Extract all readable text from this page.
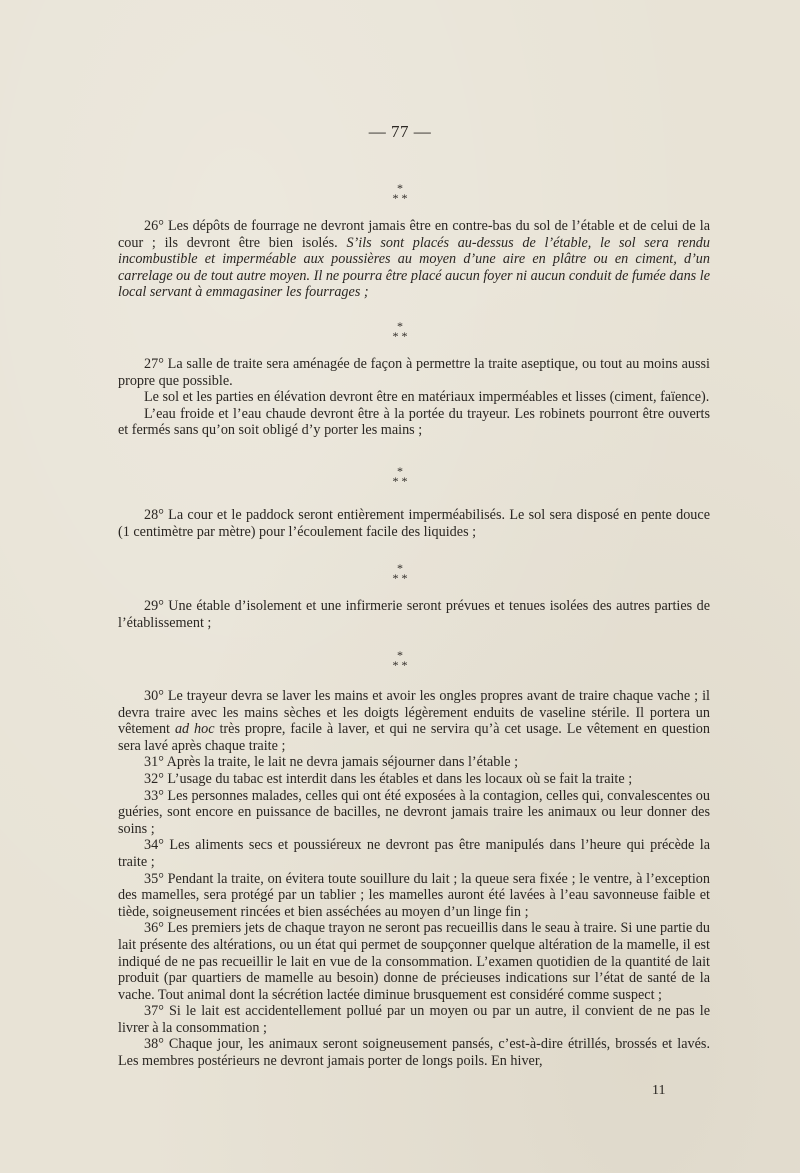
— 77 —
*
* *

26° Les dépôts de fourrage ne devront jamais être en contre-bas du sol de l’étable et de celui de la cour ; ils devront être bien isolés. S’ils sont placés au-dessus de l’étable, le sol sera rendu incombustible et imperméable aux poussières au moyen d’une aire en plâtre ou en ciment, d’un carrelage ou de tout autre moyen. Il ne pourra être placé aucun foyer ni aucun conduit de fumée dans le local servant à emmagasiner les fourrages ;

*
* *

27° La salle de traite sera aménagée de façon à permettre la traite aseptique, ou tout au moins aussi propre que possible.

Le sol et les parties en élévation devront être en matériaux imperméables et lisses (ciment, faïence).

L’eau froide et l’eau chaude devront être à la portée du trayeur. Les robinets pourront être ouverts et fermés sans qu’on soit obligé d’y porter les mains ;

*
* *

28° La cour et le paddock seront entièrement imperméabilisés. Le sol sera disposé en pente douce (1 centimètre par mètre) pour l’écoulement facile des liquides ;

*
* *

29° Une étable d’isolement et une infirmerie seront prévues et tenues isolées des autres parties de l’établissement ;

*
* *

30° Le trayeur devra se laver les mains et avoir les ongles propres avant de traire chaque vache ; il devra traire avec les mains sèches et les doigts légèrement enduits de vaseline stérile. Il portera un vêtement ad hoc très propre, facile à laver, et qui ne servira qu’à cet usage. Le vêtement en question sera lavé après chaque traite ;

31° Après la traite, le lait ne devra jamais séjourner dans l’étable ;

32° L’usage du tabac est interdit dans les étables et dans les locaux où se fait la traite ;

33° Les personnes malades, celles qui ont été exposées à la contagion, celles qui, convalescentes ou guéries, sont encore en puissance de bacilles, ne devront jamais traire les animaux ou leur donner des soins ;

34° Les aliments secs et poussiéreux ne devront pas être manipulés dans l’heure qui précède la traite ;

35° Pendant la traite, on évitera toute souillure du lait ; la queue sera fixée ; le ventre, à l’exception des mamelles, sera protégé par un tablier ; les mamelles auront été lavées à l’eau savonneuse faible et tiède, soigneusement rincées et bien asséchées au moyen d’un linge fin ;

36° Les premiers jets de chaque trayon ne seront pas recueillis dans le seau à traire. Si une partie du lait présente des altérations, ou un état qui permet de soupçonner quelque altération de la mamelle, il est indiqué de ne pas recueillir le lait en vue de la consommation. L’examen quotidien de la quantité de lait produit (par quartiers de mamelle au besoin) donne de précieuses indications sur l’état de santé de la vache. Tout animal dont la sécrétion lactée diminue brusquement est considéré comme suspect ;

37° Si le lait est accidentellement pollué par un moyen ou par un autre, il convient de ne pas le livrer à la consommation ;

38° Chaque jour, les animaux seront soigneusement pansés, c’est-à-dire étrillés, brossés et lavés. Les membres postérieurs ne devront jamais porter de longs poils. En hiver,

11
